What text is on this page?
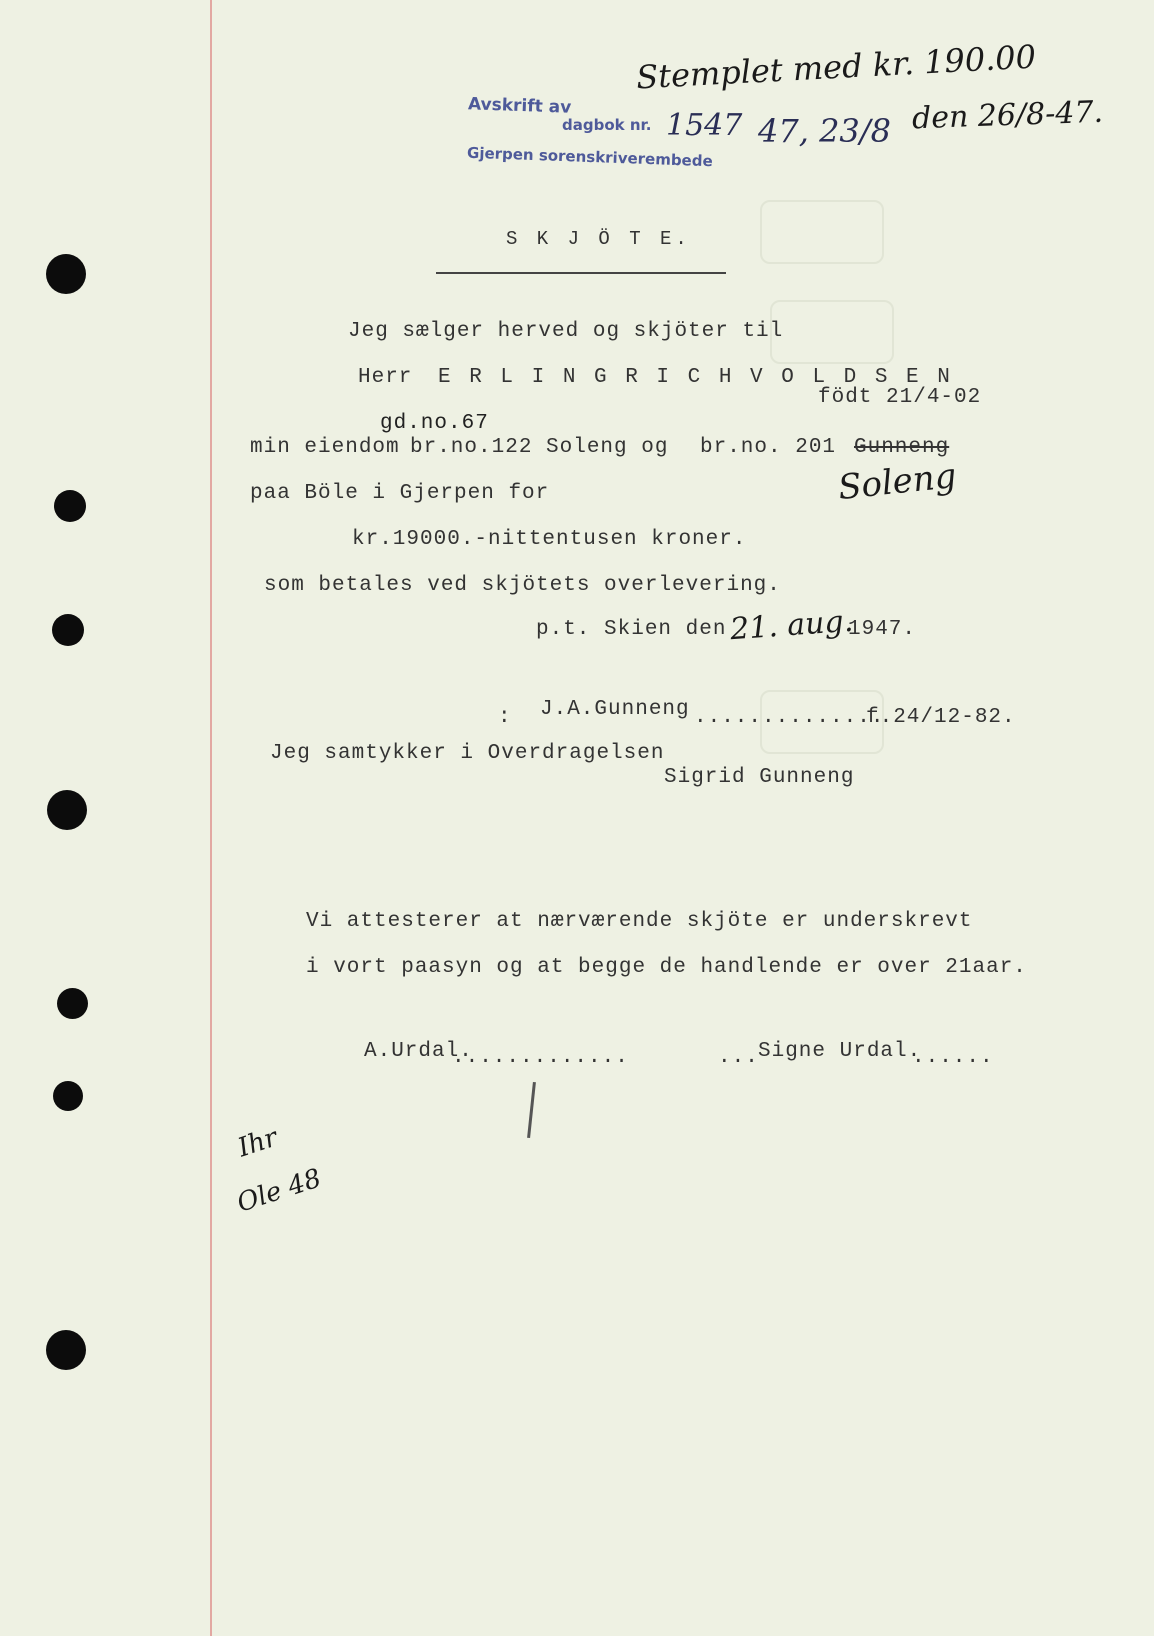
Stemplet med kr. 190.00
den 26/8-47.
Avskrift av
dagbok nr. 1547 47, 23/8
Gjerpen sorenskriverembede
S K J Ö T E.
Jeg sælger herved og skjöter til
Herr E R L I N G R I C H V O L D S E N
födt 21/4-02
gd.no.67
min eiendom br.no.122 Soleng og br.no. 201 Gunneng
Soleng
paa Böle i Gjerpen for
kr.19000.-nittentusen kroner.
som betales ved skjötets overlevering.
p.t. Skien den 21. aug.
1947.
: J.A.Gunneng ..............
f.24/12-82.
Jeg samtykker i Overdragelsen
Sigrid Gunneng
Vi attesterer at nærværende skjöte er underskrevt
i vort paasyn og at begge de handlende er over 21aar.
A.Urdal.
.............	... Signe Urdal.
......
Ihr
Ole 48
